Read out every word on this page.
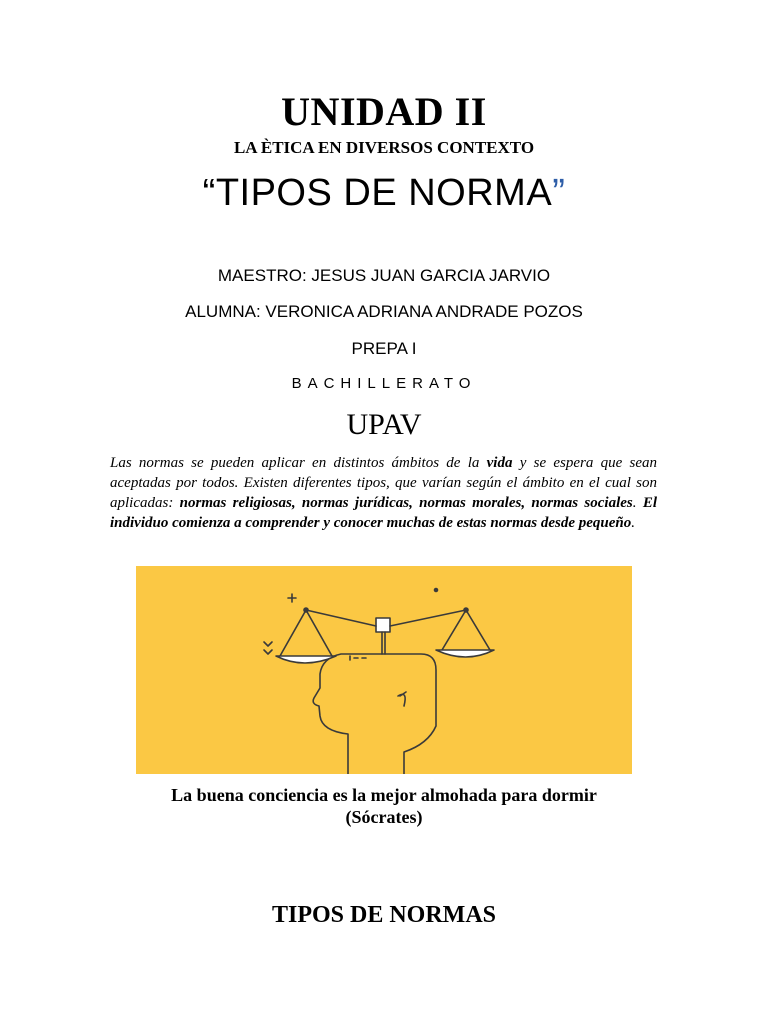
UNIDAD II
LA ÈTICA EN DIVERSOS CONTEXTO
“TIPOS DE NORMA”
MAESTRO: JESUS JUAN GARCIA JARVIO
ALUMNA: VERONICA ADRIANA ANDRADE POZOS
PREPA I
BACHILLERATO
UPAV
Las normas se pueden aplicar en distintos ámbitos de la vida y se espera que sean aceptadas por todos. Existen diferentes tipos, que varían según el ámbito en el cual son aplicadas: normas religiosas, normas jurídicas, normas morales, normas sociales. El individuo comienza a comprender y conocer muchas de estas normas desde pequeño.
La buena conciencia es la mejor almohada para dormir
(Sócrates)
TIPOS DE NORMAS
